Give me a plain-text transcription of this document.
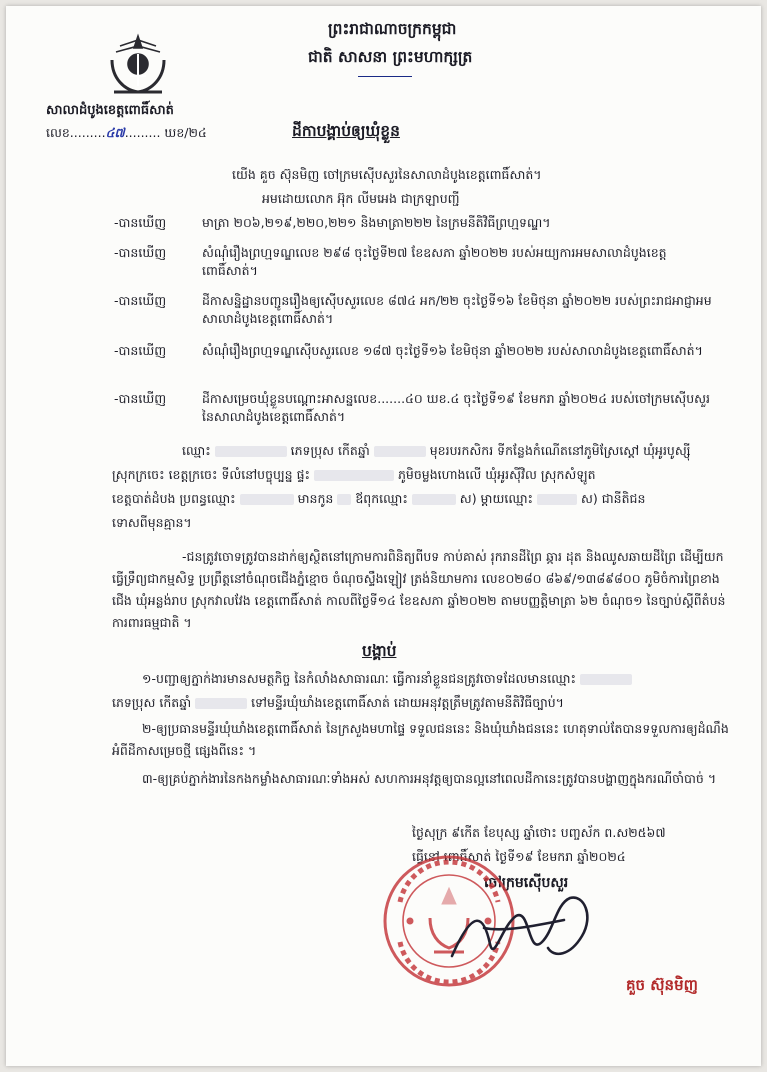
ព្រះរាជាណាចក្រកម្ពុជា
ជាតិ សាសនា ព្រះមហាក្សត្រ
សាលាដំបូងខេត្តពោធិ៍សាត់
លេខ.........៤៧......... ឃខ/២៤	ដីកាបង្គាប់ឲ្យឃុំខ្លួន
យើង គួច ស៊ុនមិញ ចៅក្រមស៊ើបសួរនៃសាលាដំបូងខេត្តពោធិ៍សាត់។
អមដោយលោក អ៊ុក លីមអេង ជាក្រឡាបញ្ជី
-បានឃើញ	មាត្រា ២០៦,២១៩,២២០,២២១ និងមាត្រា២២២ នៃក្រមនីតិវិធីព្រហ្មទណ្ឌ។
-បានឃើញ	សំណុំរឿងព្រហ្មទណ្ឌលេខ ២៩៨ ចុះថ្ងៃទី២៧ ខែឧសភា ឆ្នាំ២០២២ របស់អយ្យការអមសាលាដំបូងខេត្តពោធិ៍សាត់។
-បានឃើញ	ដីកាសន្និដ្ឋានបញ្ជូនរឿងឲ្យស៊ើបសួរលេខ ៨៧៤ អក/២២ ចុះថ្ងៃទី១៦ ខែមិថុនា ឆ្នាំ២០២២ របស់ព្រះរាជអាជ្ញាអមសាលាដំបូងខេត្តពោធិ៍សាត់។
-បានឃើញ	សំណុំរឿងព្រហ្មទណ្ឌស៊ើបសួរលេខ ១៨៧ ចុះថ្ងៃទី១៦ ខែមិថុនា ឆ្នាំ២០២២ របស់សាលាដំបូងខេត្តពោធិ៍សាត់។
-បានឃើញ	ដីកាសម្រេចឃុំខ្លួនបណ្ដោះអាសន្នលេខ.......៤០ ឃខ.៤ ចុះថ្ងៃទី១៩ ខែមករា ឆ្នាំ២០២៤ របស់ចៅក្រមស៊ើបសួរ នៃសាលាដំបូងខេត្តពោធិ៍សាត់។
ឈ្មោះ	ភេទប្រុស កើតឆ្នាំ	មុខរបរកសិករ ទីកន្លែងកំណើតនៅភូមិស្រែស្ដៅ ឃុំអូរបូស្ស៊ី
ស្រុកក្រចេះ ខេត្តក្រចេះ ទីលំនៅបច្ចុប្បន្ន ផ្ទះ	ភូមិចម្លងហោងលើ ឃុំអូរស៊ីវិល ស្រុកសំឡូត
ខេត្តបាត់ដំបង ប្រពន្ធឈ្មោះ	មានកូន ឪពុកឈ្មោះ	ស) ម្ដាយឈ្មោះ	ស) ជានីតិជន
ទោសពីមុនគ្មាន។
-ជនត្រូវចោទត្រូវបានដាក់ឲ្យស្ថិតនៅក្រោមការពិនិត្យពីបទ កាប់គាស់ រុករានដីព្រៃ ឆ្ការ ដុត និងឈូសឆាយដីព្រៃ ដើម្បីយកធ្វើទ្រឹព្យជាកម្មសិទ្ធ ប្រព្រឹត្តនៅចំណុចជើងភ្នំខ្មោច ចំណុចស្ទឹងឡៀវ ត្រង់និយាមការ លេខ០២៨០ ៨៦៩/១៣៨៩៨០០ ភូមិចំការព្រៃខាងជើង ឃុំអន្លង់រាប ស្រុកវាលវែង ខេត្តពោធិ៍សាត់ កាលពីថ្ងៃទី១៤ ខែឧសភា ឆ្នាំ២០២២ តាមបញ្ញត្តិមាត្រា ៦២ ចំណុច១ នៃច្បាប់ស្ដីពីតំបន់ការពារធម្មជាតិ ។
បង្គាប់
១-បញ្ជាឲ្យភ្នាក់ងារមានសមត្ថកិច្ច នៃកំលាំងសាធារណៈ ធ្វើការនាំខ្លួនជនត្រូវចោទដែលមានឈ្មោះ
ភេទប្រុស កើតឆ្នាំ	ទៅមន្ទីរឃុំឃាំងខេត្តពោធិ៍សាត់ ដោយអនុវត្តត្រឹមត្រូវតាមនីតិវិធីច្បាប់។
២-ឲ្យប្រធានមន្ទីរឃុំឃាំងខេត្តពោធិ៍សាត់ នៃក្រសួងមហាផ្ទៃ ទទួលជននេះ និងឃុំឃាំងជននេះ ហេតុទាល់តែបានទទួលការឲ្យដំណឹងអំពីដីកាសម្រេចថ្មី ផ្សេងពីនេះ ។
៣-ឲ្យគ្រប់ភ្នាក់ងារនៃកងកម្លាំងសាធារណៈទាំងអស់ សហការអនុវត្តឲ្យបានល្អនៅពេលដីកានេះត្រូវបានបង្ហាញក្នុងករណីចាំបាច់ ។
ថ្ងៃសុក្រ ៩កើត ខែបុស្ស ឆ្នាំថោះ បញ្ចស័ក ព.ស២៥៦៧
ធ្វើនៅ ពោធិ៍សាត់ ថ្ងៃទី១៩ ខែមករា ឆ្នាំ២០២៤
ចៅក្រមស៊ើបសួរ
គួច ស៊ុនមិញ
